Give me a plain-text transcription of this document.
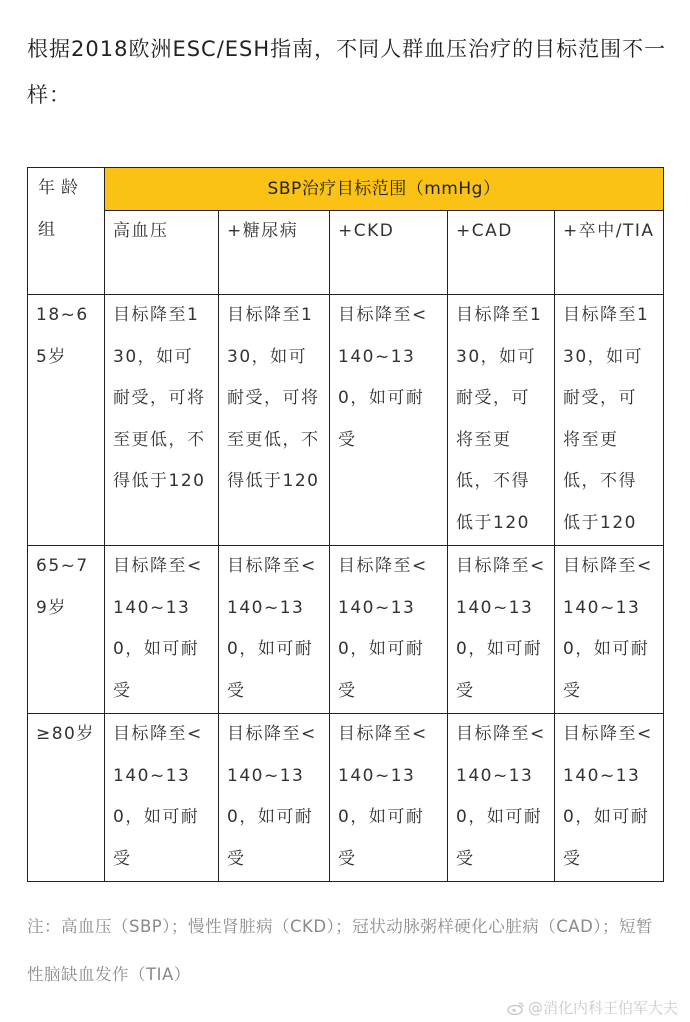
根据2018欧洲ESC/ESH指南，不同人群血压治疗的目标范围不一样：
年龄组	SBP治疗目标范围（mmHg）				
	高血压	+糖尿病	+CKD	+CAD	+卒中/TIA
18~65岁	目标降至130，如可耐受，可将至更低，不得低于120	目标降至130，如可耐受，可将至更低，不得低于120	目标降至<140~130，如可耐受	目标降至130，如可耐受，可将至更低，不得低于120	目标降至130，如可耐受，可将至更低，不得低于120
65~79岁	目标降至<140~130，如可耐受	目标降至<140~130，如可耐受	目标降至<140~130，如可耐受	目标降至<140~130，如可耐受	目标降至<140~130，如可耐受
≥80岁	目标降至<140~130，如可耐受	目标降至<140~130，如可耐受	目标降至<140~130，如可耐受	目标降至<140~130，如可耐受	目标降至<140~130，如可耐受
注：高血压（SBP）；慢性肾脏病（CKD）；冠状动脉粥样硬化心脏病（CAD）；短暂性脑缺血发作（TIA）
@消化内科王伯军大夫
